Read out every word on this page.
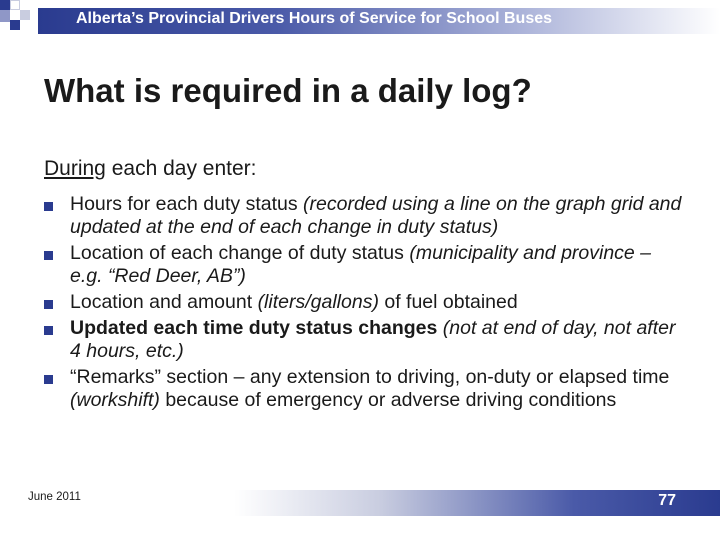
Alberta’s Provincial Drivers Hours of Service for School Buses
What is required in a daily log?
During each day enter:
Hours for each duty status (recorded using a line on the graph grid and updated at the end of each change in duty status)
Location of each change of duty status (municipality and province – e.g. “Red Deer, AB”)
Location and amount (liters/gallons) of fuel obtained
Updated each time duty status changes (not at end of day, not after 4 hours, etc.)
“Remarks” section – any extension to driving, on-duty or elapsed time (workshift) because of emergency or adverse driving conditions
June 2011	77
